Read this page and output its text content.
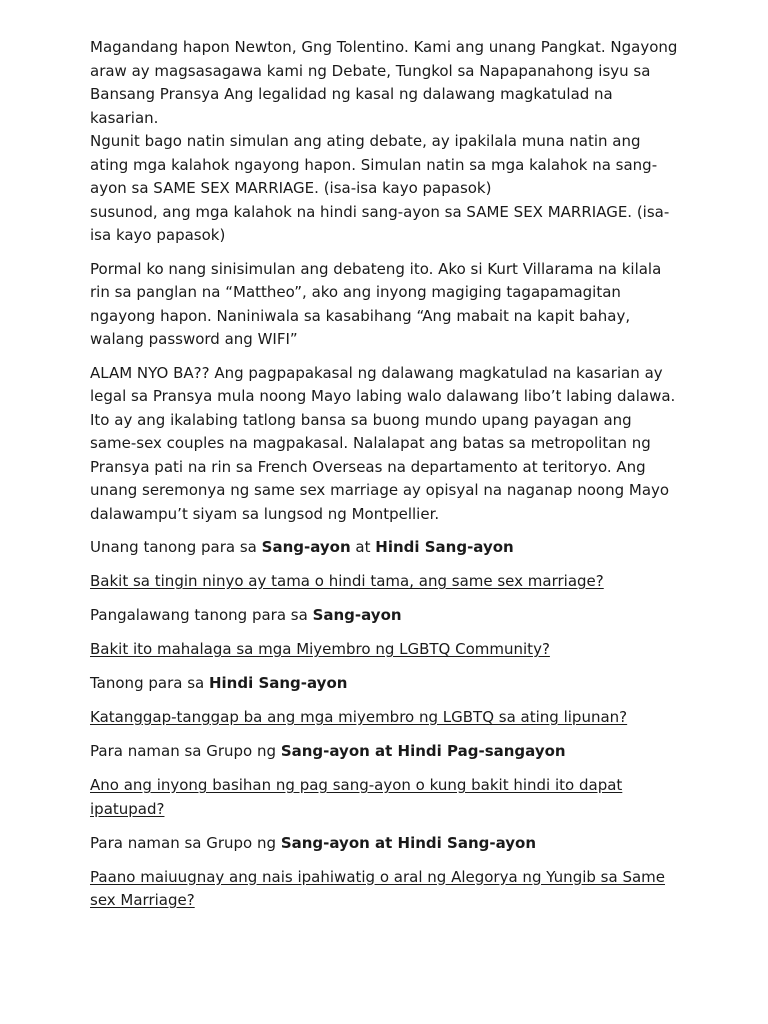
Magandang hapon Newton, Gng Tolentino. Kami ang unang Pangkat. Ngayong araw ay magsasagawa kami ng Debate, Tungkol sa Napapanahong isyu sa Bansang Pransya Ang legalidad ng kasal ng dalawang magkatulad na kasarian.
Ngunit bago natin simulan ang ating debate, ay ipakilala muna natin ang ating mga kalahok ngayong hapon. Simulan natin sa mga kalahok na sang-ayon sa SAME SEX MARRIAGE. (isa-isa kayo papasok)
susunod, ang mga kalahok na hindi sang-ayon sa SAME SEX MARRIAGE. (isa-isa kayo papasok)

Pormal ko nang sinisimulan ang debateng ito. Ako si Kurt Villarama na kilala rin sa panglan na “Mattheo”, ako ang inyong magiging tagapamagitan ngayong hapon. Naniniwala sa kasabihang “Ang mabait na kapit bahay, walang password ang WIFI”

ALAM NYO BA?? Ang pagpapakasal ng dalawang magkatulad na kasarian ay legal sa Pransya mula noong Mayo labing walo dalawang libo’t labing dalawa. Ito ay ang ikalabing tatlong bansa sa buong mundo upang payagan ang same-sex couples na magpakasal. Nalalapat ang batas sa metropolitan ng Pransya pati na rin sa French Overseas na departamento at teritoryo. Ang unang seremonya ng same sex marriage ay opisyal na naganap noong Mayo dalawampu’t siyam sa lungsod ng Montpellier.

Unang tanong para sa Sang-ayon at Hindi Sang-ayon

Bakit sa tingin ninyo ay tama o hindi tama, ang same sex marriage?

Pangalawang tanong para sa Sang-ayon

Bakit ito mahalaga sa mga Miyembro ng LGBTQ Community?

Tanong para sa Hindi Sang-ayon

Katanggap-tanggap ba ang mga miyembro ng LGBTQ sa ating lipunan?

Para naman sa Grupo ng Sang-ayon at Hindi Pag-sangayon

Ano ang inyong basihan ng pag sang-ayon o kung bakit hindi ito dapat ipatupad?

Para naman sa Grupo ng Sang-ayon at Hindi Sang-ayon

Paano maiuugnay ang nais ipahiwatig o aral ng Alegorya ng Yungib sa Same sex Marriage?
